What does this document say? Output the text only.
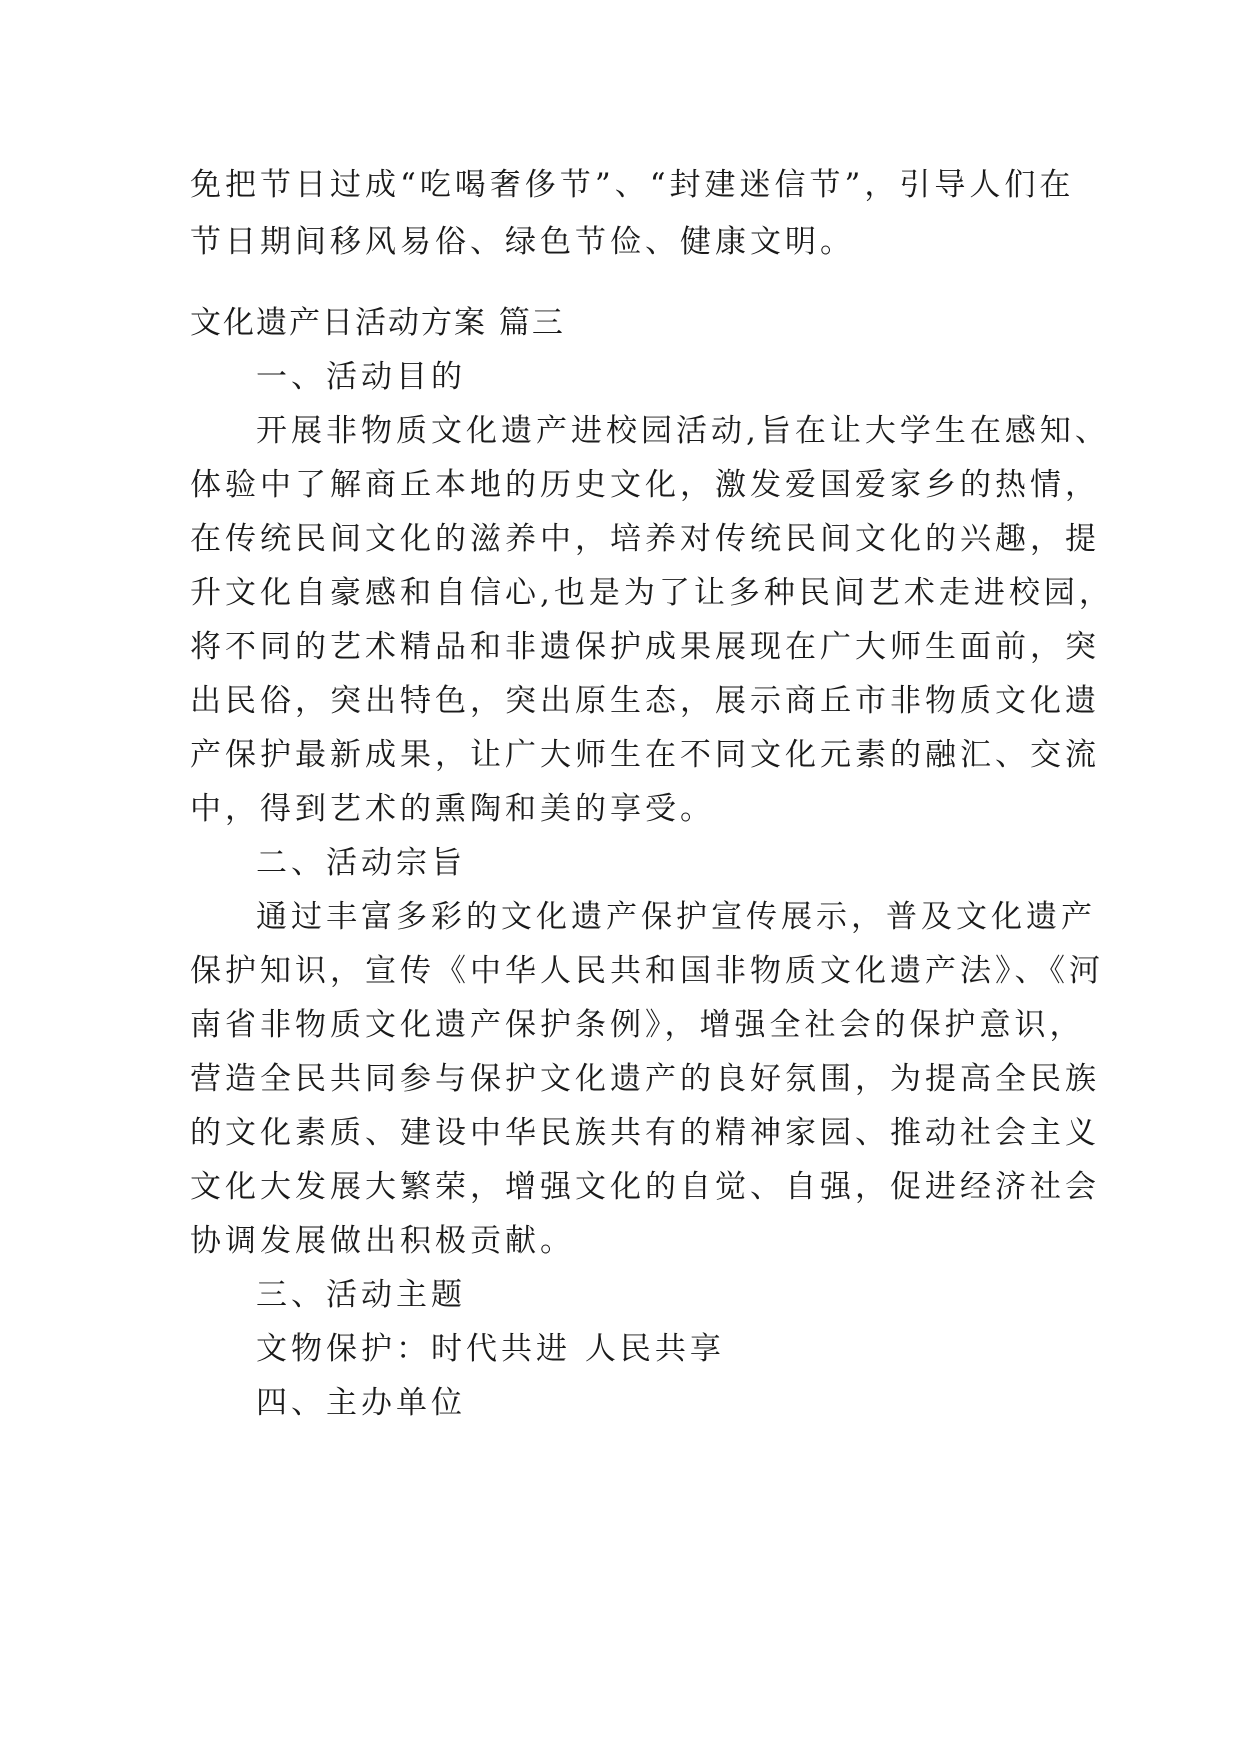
免把节日过成“吃喝奢侈节”、“封建迷信节”，引导人们在
节日期间移风易俗、绿色节俭、健康文明。
文化遗产日活动方案 篇三
一、活动目的
开展非物质文化遗产进校园活动,旨在让大学生在感知、
体验中了解商丘本地的历史文化，激发爱国爱家乡的热情，
在传统民间文化的滋养中，培养对传统民间文化的兴趣，提
升文化自豪感和自信心,也是为了让多种民间艺术走进校园，
将不同的艺术精品和非遗保护成果展现在广大师生面前，突
出民俗，突出特色，突出原生态，展示商丘市非物质文化遗
产保护最新成果，让广大师生在不同文化元素的融汇、交流
中，得到艺术的熏陶和美的享受。
二、活动宗旨
通过丰富多彩的文化遗产保护宣传展示，普及文化遗产
保护知识，宣传《中华人民共和国非物质文化遗产法》、《河
南省非物质文化遗产保护条例》，增强全社会的保护意识，
营造全民共同参与保护文化遗产的良好氛围，为提高全民族
的文化素质、建设中华民族共有的精神家园、推动社会主义
文化大发展大繁荣，增强文化的自觉、自强，促进经济社会
协调发展做出积极贡献。
三、活动主题
文物保护：时代共进 人民共享
四、主办单位
